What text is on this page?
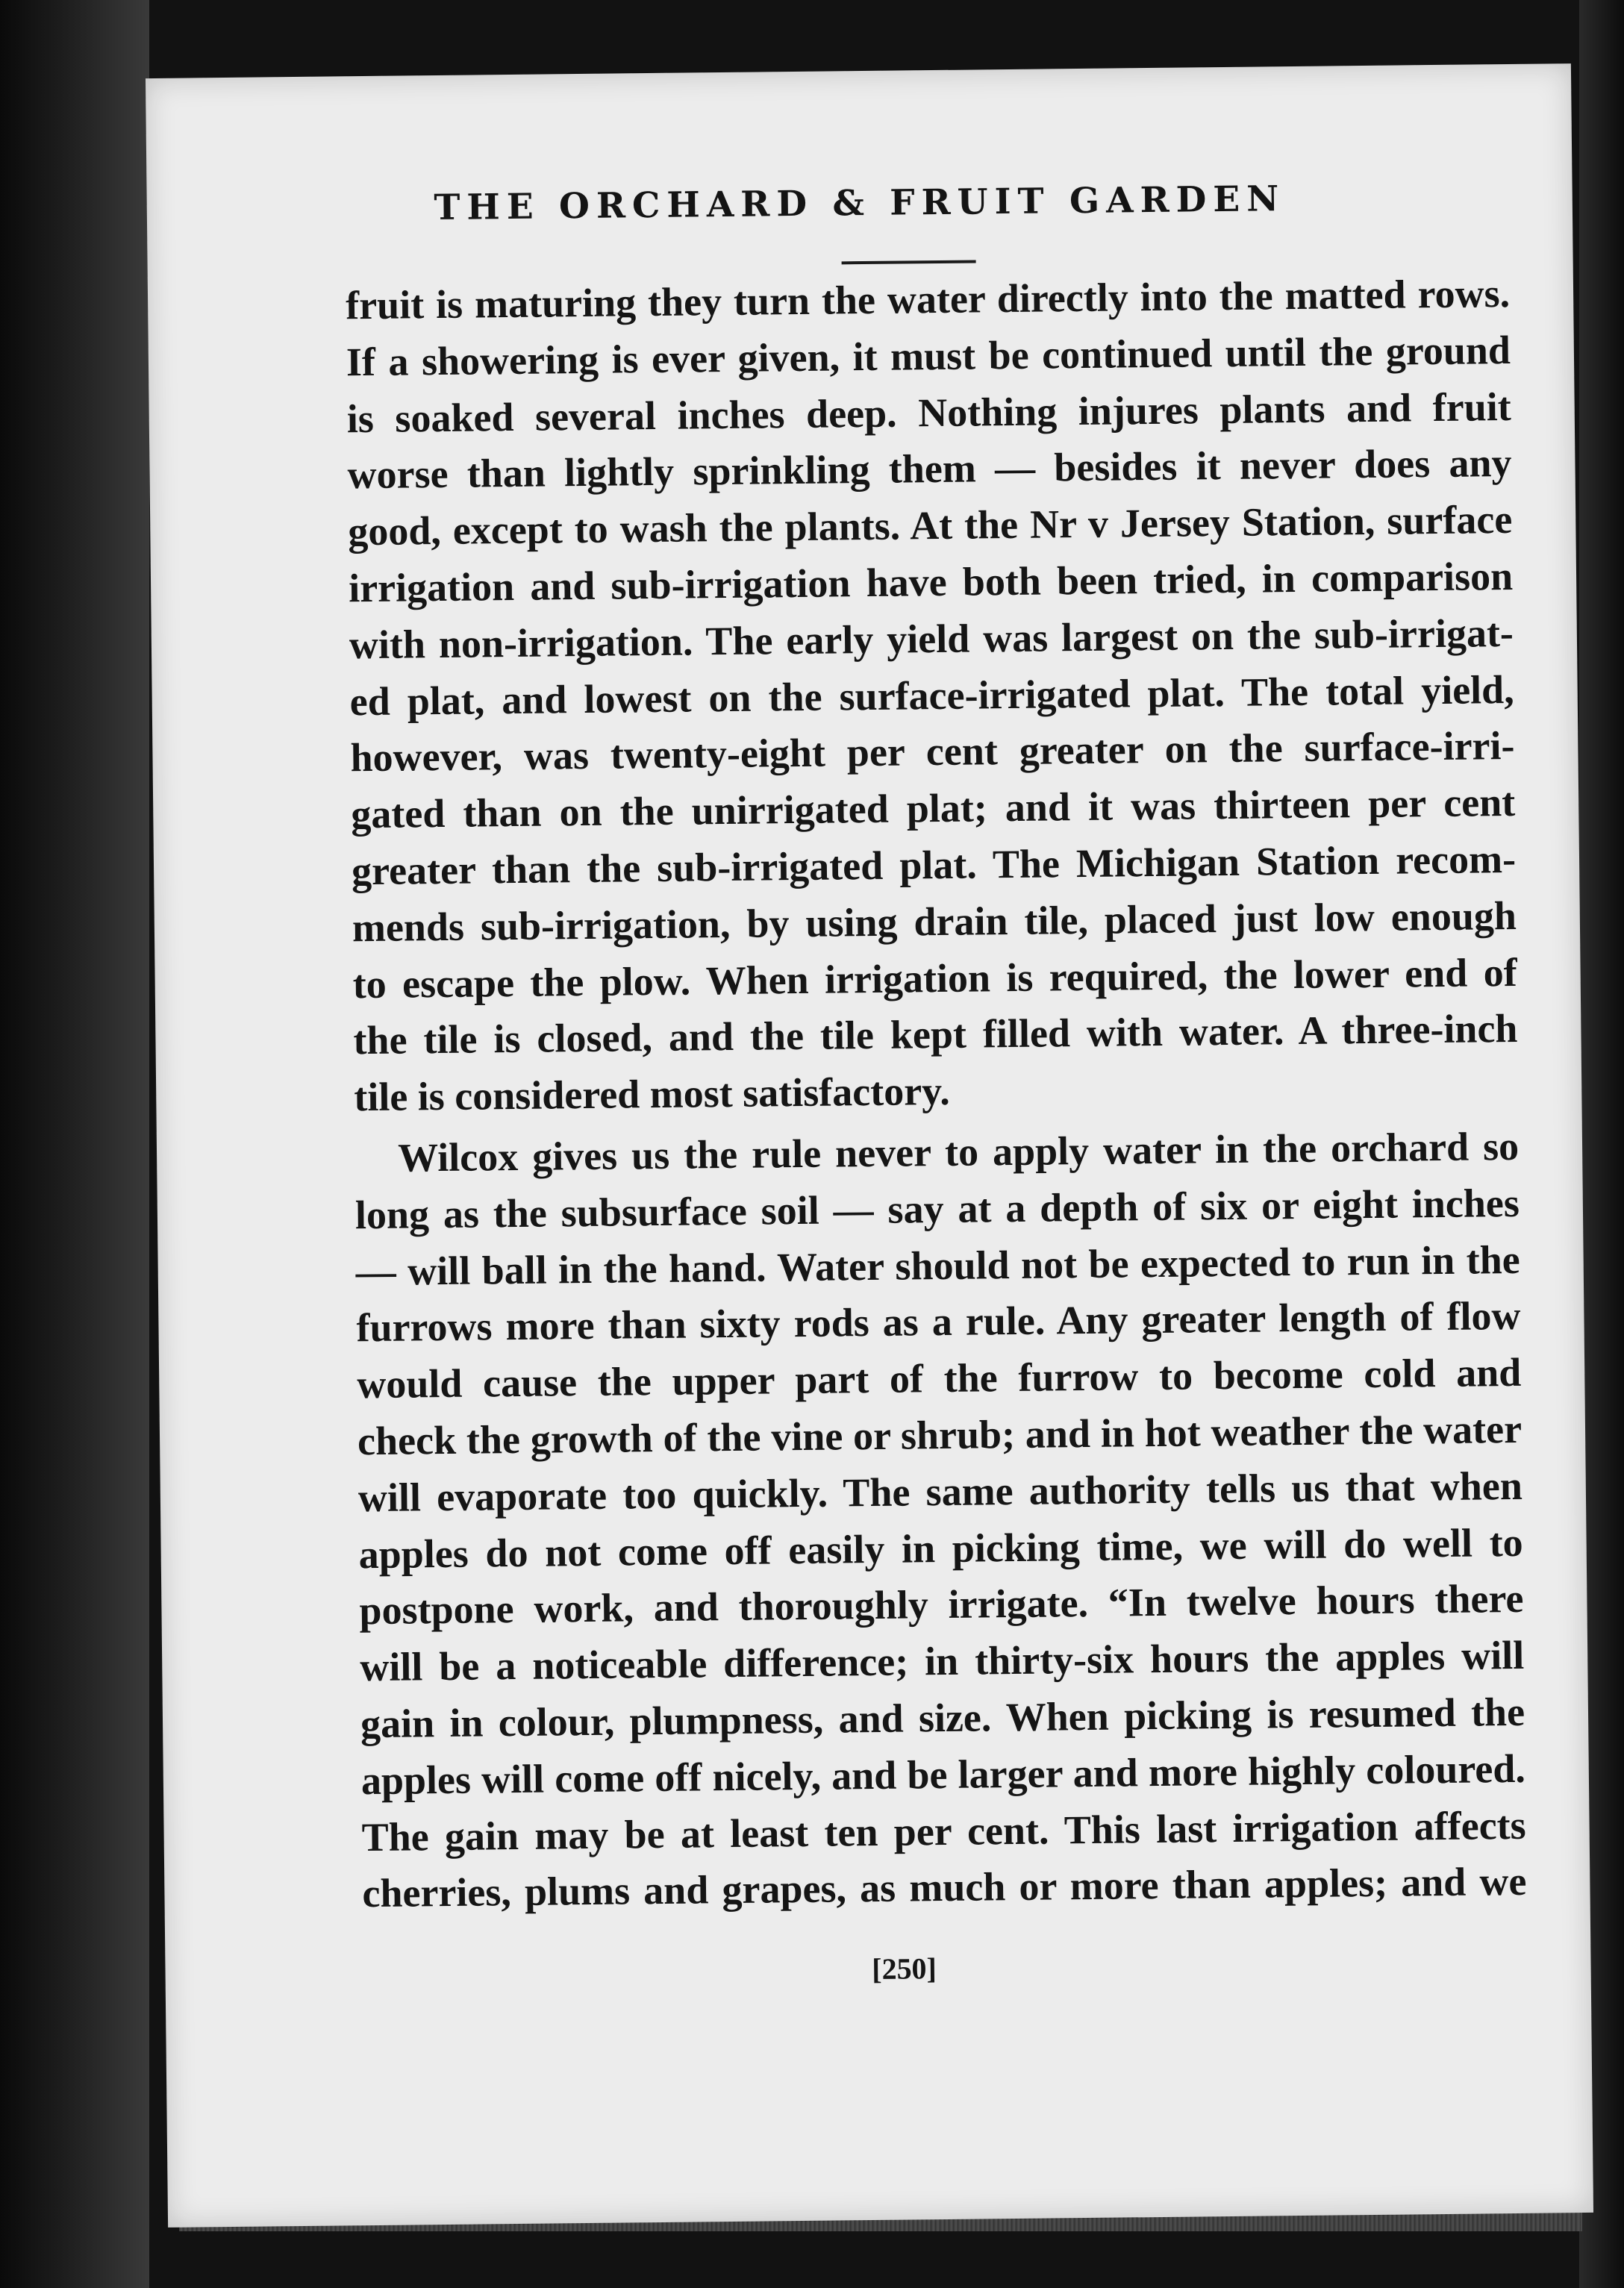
THE ORCHARD & FRUIT GARDEN
fruit is maturing they turn the water directly into the matted rows.
If a showering is ever given, it must be continued until the ground
is soaked several inches deep. Nothing injures plants and fruit
worse than lightly sprinkling them — besides it never does any
good, except to wash the plants. At the Nr v Jersey Station, surface
irrigation and sub-irrigation have both been tried, in comparison
with non-irrigation. The early yield was largest on the sub-irrigat-
ed plat, and lowest on the surface-irrigated plat. The total yield,
however, was twenty-eight per cent greater on the surface-irri-
gated than on the unirrigated plat; and it was thirteen per cent
greater than the sub-irrigated plat. The Michigan Station recom-
mends sub-irrigation, by using drain tile, placed just low enough
to escape the plow. When irrigation is required, the lower end of
the tile is closed, and the tile kept filled with water. A three-inch
tile is considered most satisfactory.
Wilcox gives us the rule never to apply water in the orchard so
long as the subsurface soil — say at a depth of six or eight inches
— will ball in the hand. Water should not be expected to run in the
furrows more than sixty rods as a rule. Any greater length of flow
would cause the upper part of the furrow to become cold and
check the growth of the vine or shrub; and in hot weather the water
will evaporate too quickly. The same authority tells us that when
apples do not come off easily in picking time, we will do well to
postpone work, and thoroughly irrigate. “In twelve hours there
will be a noticeable difference; in thirty-six hours the apples will
gain in colour, plumpness, and size. When picking is resumed the
apples will come off nicely, and be larger and more highly coloured.
The gain may be at least ten per cent. This last irrigation affects
cherries, plums and grapes, as much or more than apples; and we
[250]
